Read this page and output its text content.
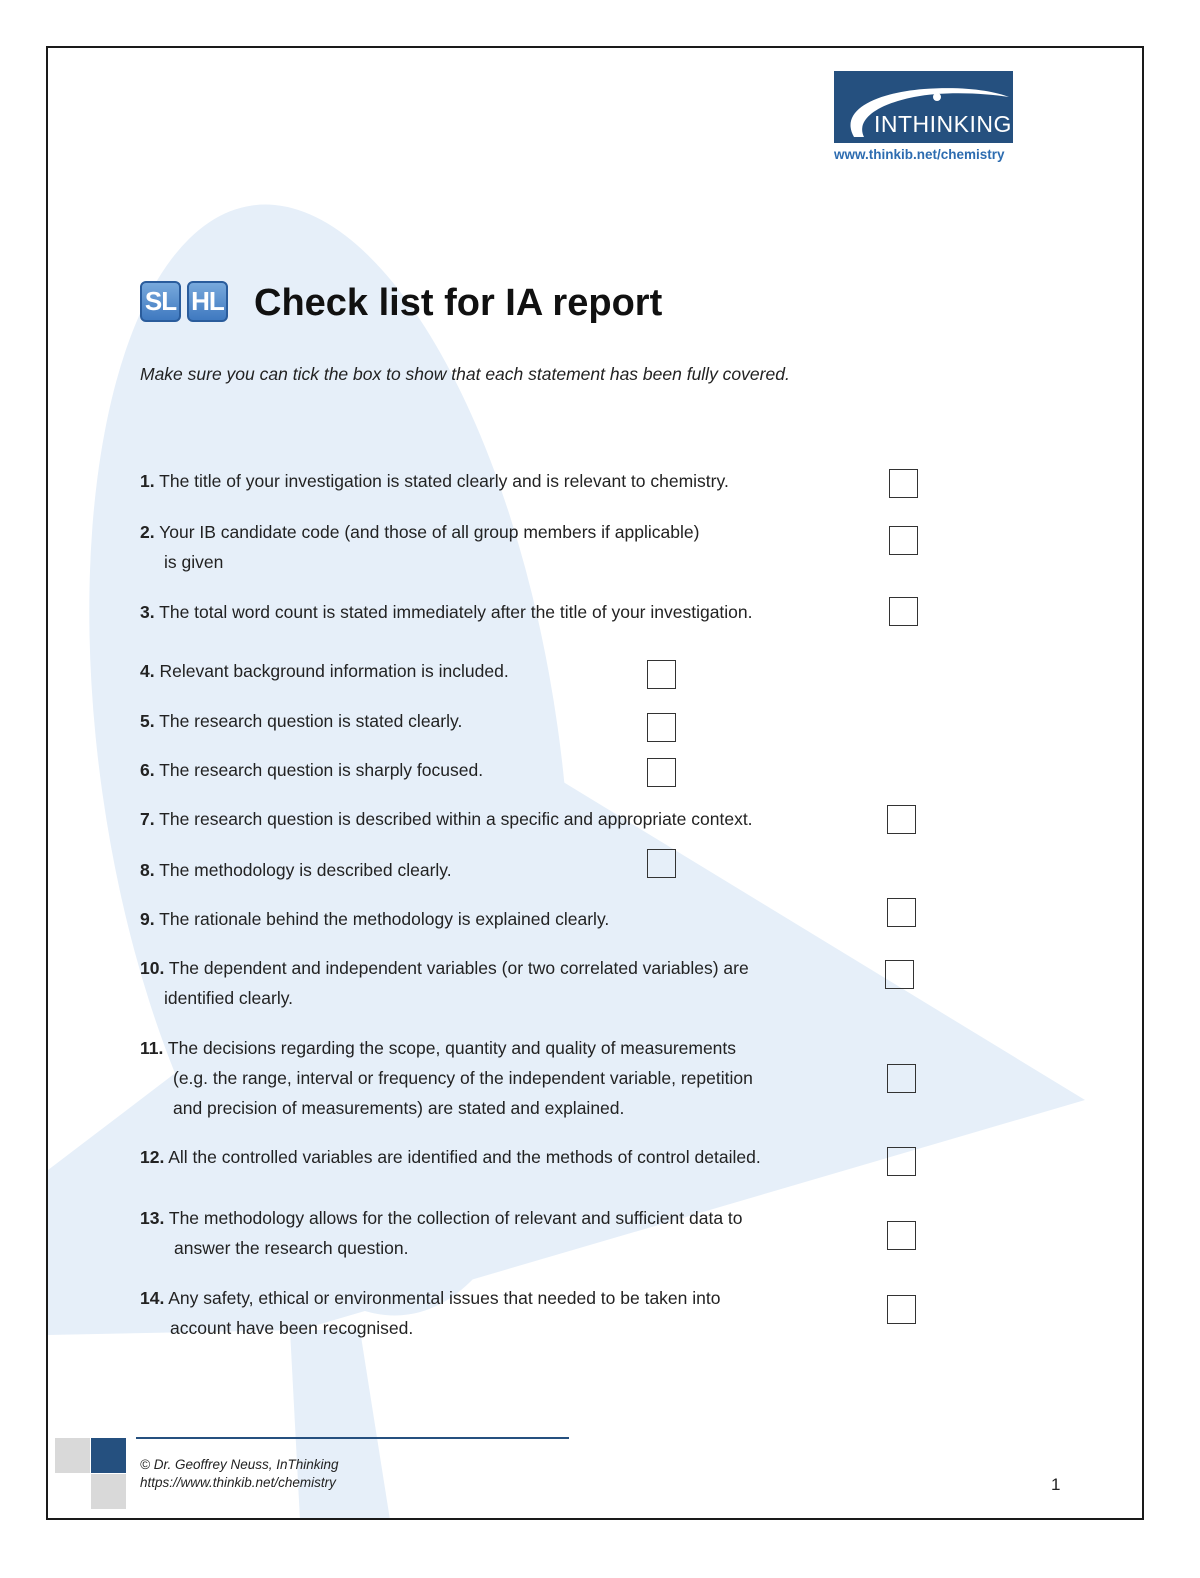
INTHINKING
www.thinkib.net/chemistry
SL HL Check list for IA report
Make sure you can tick the box to show that each statement has been fully covered.
1. The title of your investigation is stated clearly and is relevant to chemistry.
2. Your IB candidate code (and those of all group members if applicable)
is given
3. The total word count is stated immediately after the title of your investigation.
4. Relevant background information is included.
5. The research question is stated clearly.
6. The research question is sharply focused.
7. The research question is described within a specific and appropriate context.
8. The methodology is described clearly.
9. The rationale behind the methodology is explained clearly.
10. The dependent and independent variables (or two correlated variables) are
identified clearly.
11. The decisions regarding the scope, quantity and quality of measurements
(e.g. the range, interval or frequency of the independent variable, repetition
and precision of measurements) are stated and explained.
12. All the controlled variables are identified and the methods of control detailed.
13. The methodology allows for the collection of relevant and sufficient data to
answer the research question.
14. Any safety, ethical or environmental issues that needed to be taken into
account have been recognised.
© Dr. Geoffrey Neuss, InThinking
https://www.thinkib.net/chemistry	1
